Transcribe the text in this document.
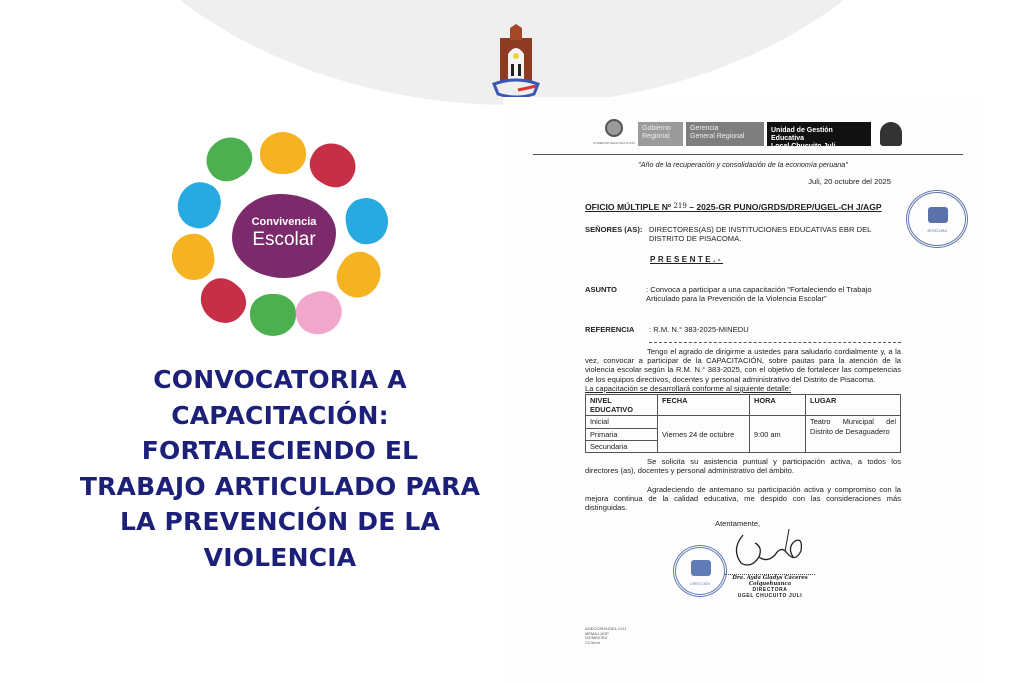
Convivencia
Escolar
CONVOCATORIA A
CAPACITACIÓN:
FORTALECIENDO EL
TRABAJO ARTICULADO PARA
LA PREVENCIÓN DE LA
VIOLENCIA
GOBIERNO REGIONAL PUNO
Gobierno
Regional
Gerencia
General Regional
Unidad de Gestión Educativa
Local Chucuito Juli
"Año de la recuperación y consolidación de la economía peruana"
Juli, 20 octubre del 2025
OFICIO MÚLTIPLE Nº $^{219}$ – 2025-GR PUNO/GRDS/DREP/UGEL-CH J/AGP
SEÑORES (AS): DIRECTORES(AS) DE INSTITUCIONES EDUCATIVAS EBR DEL DISTRITO DE PISACOMA.
PRESENTE.-
ASUNTO	: Convoca a participar a una capacitación "Fortaleciendo el Trabajo Articulado para la Prevención de la Violencia Escolar"
REFERENCIA : R.M. N.° 383-2025-MINEDU
Tengo el agrado de dirigirme a ustedes para saludarlo cordialmente y, a la vez, convocar a participar de la CAPACITACIÓN, sobre pautas para la atención de la violencia escolar según la R.M. N.° 383-2025, con el objetivo de fortalecer las competencias de los equipos directivos, docentes y personal administrativo del Distrito de Pisacoma.
La capacitación se desarrollará conforme al siguiente detalle:
NIVEL EDUCATIVO	FECHA	HORA	LUGAR
Inicial	Viernes 24 de octubre	9:00 am	Teatro Municipal del Distrito de Desaguadero
Primaria			
Secundaria			
Se solicita su asistencia puntual y participación activa, a todos los directores (as), docentes y personal administrativo del ámbito.
Agradeciendo de antemano su participación activa y compromiso con la mejora continua de la calidad educativa, me despido con las consideraciones más distinguidas.
Atentamente,
DIRECCIÓN
Dra. Ayda Gladys Cáceres Colquehuanca
DIRECTORA
UGEL CHUCUITO JULI
JEFATURA
AGECOSH/UGEL-CHJ
MEMAJ-AGP
GZ/MR/CEU
CC/Arch
